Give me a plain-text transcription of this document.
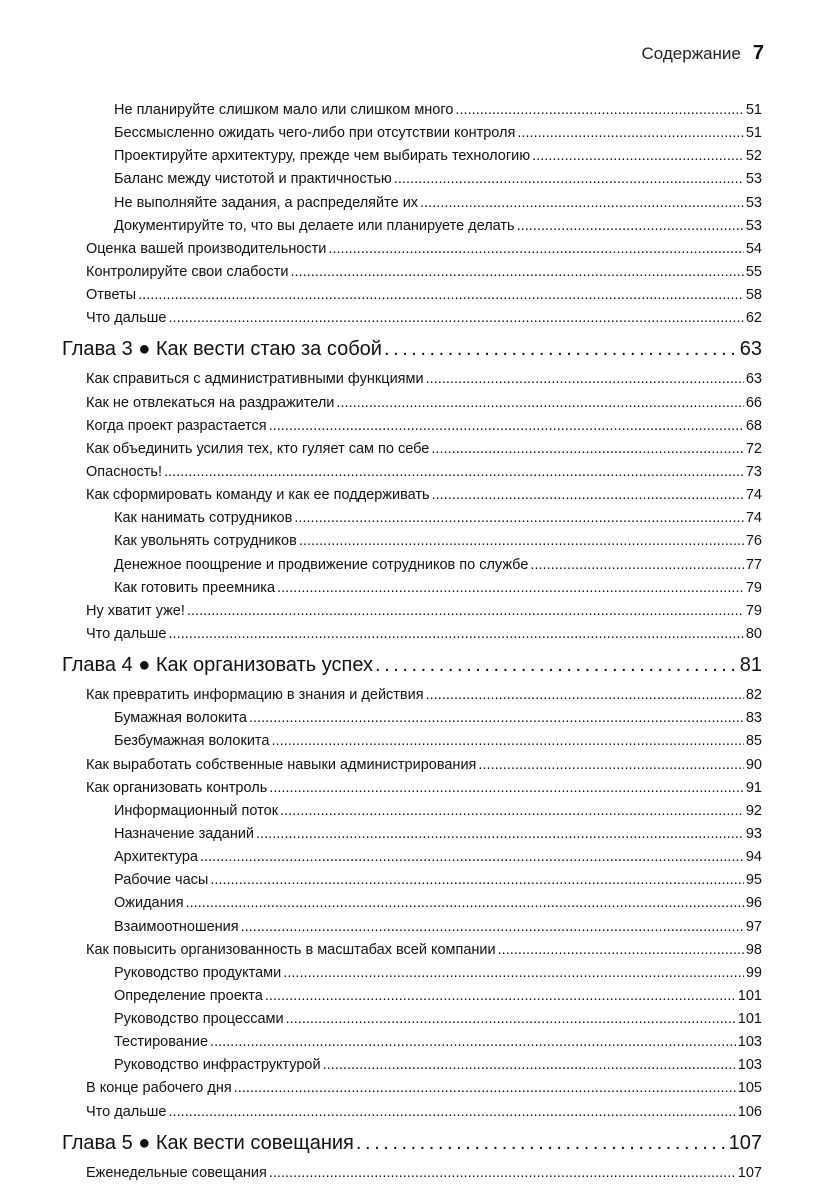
Содержание 7
Не планируйте слишком мало или слишком много . . .	51
Бессмысленно ожидать чего-либо при отсутствии контроля . . .	51
Проектируйте архитектуру, прежде чем выбирать технологию . . .	52
Баланс между чистотой и практичностью . . .	53
Не выполняйте задания, а распределяйте их . . .	53
Документируйте то, что вы делаете или планируете делать . . .	53
Оценка вашей производительности . . .	54
Контролируйте свои слабости . . .	55
Ответы . . .	58
Что дальше . . .	62
Глава 3 ● Как вести стаю за собой . . .	63
Как справиться с административными функциями . . .	63
Как не отвлекаться на раздражители . . .	66
Когда проект разрастается . . .	68
Как объединить усилия тех, кто гуляет сам по себе . . .	72
Опасность! . . .	73
Как сформировать команду и как ее поддерживать . . .	74
Как нанимать сотрудников . . .	74
Как увольнять сотрудников . . .	76
Денежное поощрение и продвижение сотрудников по службе . . .	77
Как готовить преемника . . .	79
Ну хватит уже! . . .	79
Что дальше . . .	80
Глава 4 ● Как организовать успех . . .	81
Как превратить информацию в знания и действия . . .	82
Бумажная волокита . . .	83
Безбумажная волокита . . .	85
Как выработать собственные навыки администрирования . . .	90
Как организовать контроль . . .	91
Информационный поток . . .	92
Назначение заданий . . .	93
Архитектура . . .	94
Рабочие часы . . .	95
Ожидания . . .	96
Взаимоотношения . . .	97
Как повысить организованность в масштабах всей компании . . .	98
Руководство продуктами . . .	99
Определение проекта . . .	101
Руководство процессами . . .	101
Тестирование . . .	103
Руководство инфраструктурой . . .	103
В конце рабочего дня . . .	105
Что дальше . . .	106
Глава 5 ● Как вести совещания . . .	107
Еженедельные совещания . . .	107
